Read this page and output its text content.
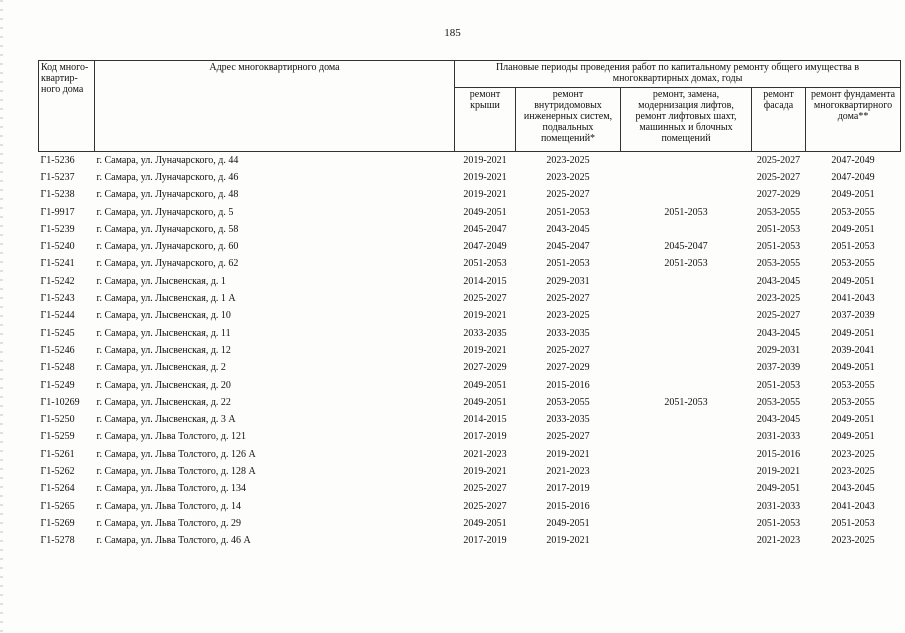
185
Код много-квартир-ного дома	Адрес многоквартирного дома	Плановые периоды проведения работ по капитальному ремонту общего имущества в многоквартирных домах, годы				
		ремонт крыши	ремонт внутридомовых инженерных систем, подвальных помещений*	ремонт, замена, модернизация лифтов, ремонт лифтовых шахт, машинных и блочных помещений	ремонт фасада	ремонт фундамента многоквартирного дома**
Г1-5236	г. Самара, ул. Луначарского, д. 44	2019-2021	2023-2025		2025-2027	2047-2049
Г1-5237	г. Самара, ул. Луначарского, д. 46	2019-2021	2023-2025		2025-2027	2047-2049
Г1-5238	г. Самара, ул. Луначарского, д. 48	2019-2021	2025-2027		2027-2029	2049-2051
Г1-9917	г. Самара, ул. Луначарского, д. 5	2049-2051	2051-2053	2051-2053	2053-2055	2053-2055
Г1-5239	г. Самара, ул. Луначарского, д. 58	2045-2047	2043-2045		2051-2053	2049-2051
Г1-5240	г. Самара, ул. Луначарского, д. 60	2047-2049	2045-2047	2045-2047	2051-2053	2051-2053
Г1-5241	г. Самара, ул. Луначарского, д. 62	2051-2053	2051-2053	2051-2053	2053-2055	2053-2055
Г1-5242	г. Самара, ул. Лысвенская, д. 1	2014-2015	2029-2031		2043-2045	2049-2051
Г1-5243	г. Самара, ул. Лысвенская, д. 1 А	2025-2027	2025-2027		2023-2025	2041-2043
Г1-5244	г. Самара, ул. Лысвенская, д. 10	2019-2021	2023-2025		2025-2027	2037-2039
Г1-5245	г. Самара, ул. Лысвенская, д. 11	2033-2035	2033-2035		2043-2045	2049-2051
Г1-5246	г. Самара, ул. Лысвенская, д. 12	2019-2021	2025-2027		2029-2031	2039-2041
Г1-5248	г. Самара, ул. Лысвенская, д. 2	2027-2029	2027-2029		2037-2039	2049-2051
Г1-5249	г. Самара, ул. Лысвенская, д. 20	2049-2051	2015-2016		2051-2053	2053-2055
Г1-10269	г. Самара, ул. Лысвенская, д. 22	2049-2051	2053-2055	2051-2053	2053-2055	2053-2055
Г1-5250	г. Самара, ул. Лысвенская, д. 3 А	2014-2015	2033-2035		2043-2045	2049-2051
Г1-5259	г. Самара, ул. Льва Толстого, д. 121	2017-2019	2025-2027		2031-2033	2049-2051
Г1-5261	г. Самара, ул. Льва Толстого, д. 126 А	2021-2023	2019-2021		2015-2016	2023-2025
Г1-5262	г. Самара, ул. Льва Толстого, д. 128 А	2019-2021	2021-2023		2019-2021	2023-2025
Г1-5264	г. Самара, ул. Льва Толстого, д. 134	2025-2027	2017-2019		2049-2051	2043-2045
Г1-5265	г. Самара, ул. Льва Толстого, д. 14	2025-2027	2015-2016		2031-2033	2041-2043
Г1-5269	г. Самара, ул. Льва Толстого, д. 29	2049-2051	2049-2051		2051-2053	2051-2053
Г1-5278	г. Самара, ул. Льва Толстого, д. 46 А	2017-2019	2019-2021		2021-2023	2023-2025
